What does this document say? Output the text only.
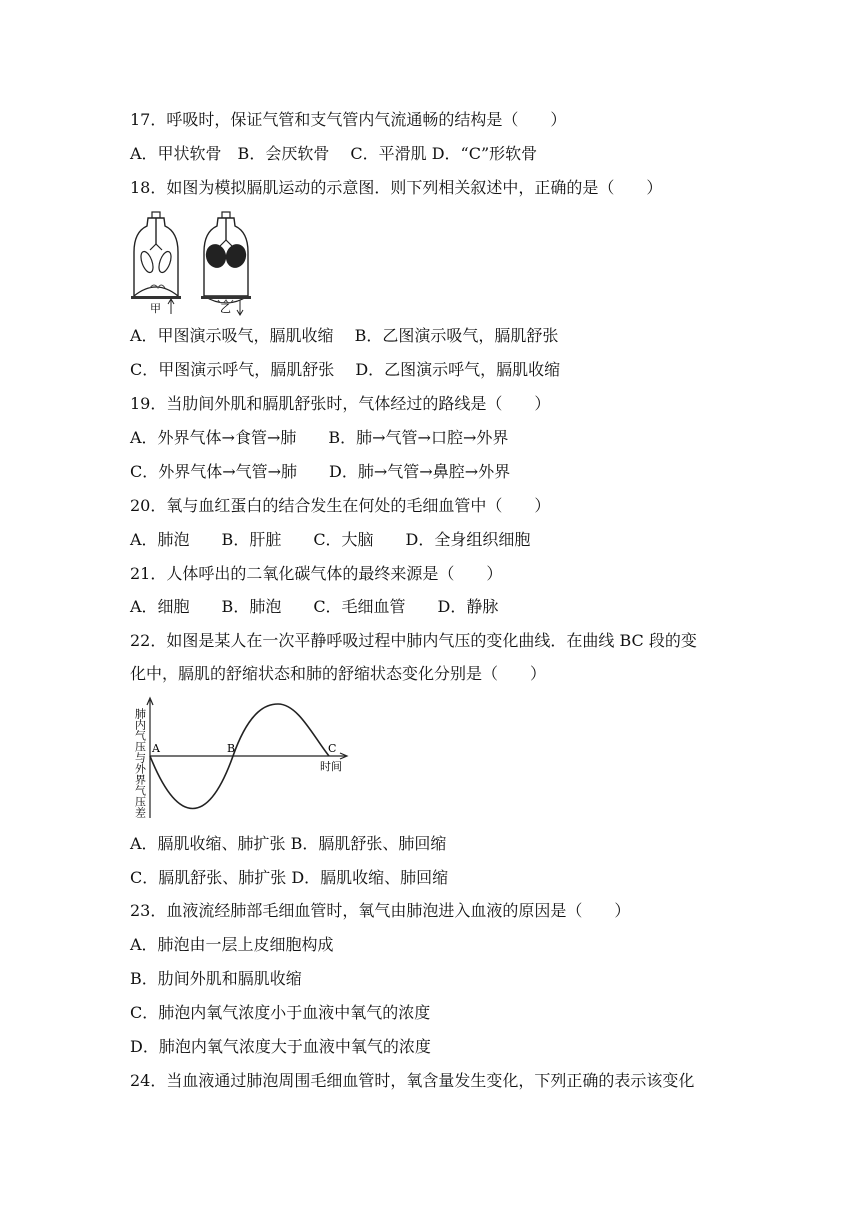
17．呼吸时，保证气管和支气管内气流通畅的结构是（　　）
A．甲状软骨　B．会厌软骨　 C．平滑肌 D．“C”形软骨
18．如图为模拟膈肌运动的示意图．则下列相关叙述中，正确的是（　　）
甲	乙
A．甲图演示吸气，膈肌收缩　 B．乙图演示吸气，膈肌舒张
C．甲图演示呼气，膈肌舒张　 D．乙图演示呼气，膈肌收缩
19．当肋间外肌和膈肌舒张时，气体经过的路线是（　　）
A．外界气体→食管→肺　　B．肺→气管→口腔→外界
C．外界气体→气管→肺　　D．肺→气管→鼻腔→外界
20．氧与血红蛋白的结合发生在何处的毛细血管中（　　）
A．肺泡　　B．肝脏　　C．大脑　　D．全身组织细胞
21．人体呼出的二氧化碳气体的最终来源是（　　）
A．细胞　　B．肺泡　　C．毛细血管　　D．静脉
22．如图是某人在一次平静呼吸过程中肺内气压的变化曲线．在曲线 BC 段的变
化中，膈肌的舒缩状态和肺的舒缩状态变化分别是（　　）
肺内气压与外界气压差 A	B	C
时间
A．膈肌收缩、肺扩张 B．膈肌舒张、肺回缩
C．膈肌舒张、肺扩张 D．膈肌收缩、肺回缩
23．血液流经肺部毛细血管时，氧气由肺泡进入血液的原因是（　　）
A．肺泡由一层上皮细胞构成
B．肋间外肌和膈肌收缩
C．肺泡内氧气浓度小于血液中氧气的浓度
D．肺泡内氧气浓度大于血液中氧气的浓度
24．当血液通过肺泡周围毛细血管时，氧含量发生变化，下列正确的表示该变化
